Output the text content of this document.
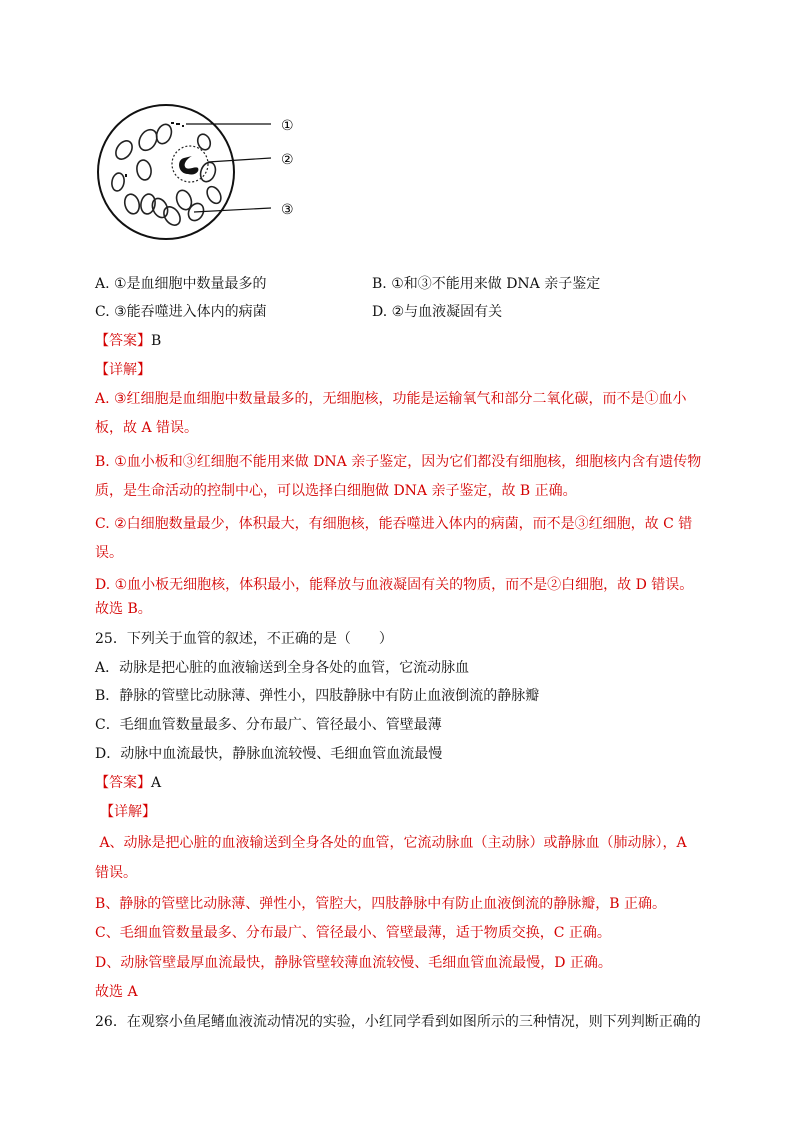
①
②
③
A. ①是血细胞中数量最多的	B. ①和③不能用来做 DNA 亲子鉴定
C. ③能吞噬进入体内的病菌	D. ②与血液凝固有关
【答案】B
【详解】
A. ③红细胞是血细胞中数量最多的，无细胞核，功能是运输氧气和部分二氧化碳，而不是①血小
板，故 A 错误。
B. ①血小板和③红细胞不能用来做 DNA 亲子鉴定，因为它们都没有细胞核，细胞核内含有遗传物
质，是生命活动的控制中心，可以选择白细胞做 DNA 亲子鉴定，故 B 正确。
C. ②白细胞数量最少，体积最大，有细胞核，能吞噬进入体内的病菌，而不是③红细胞，故 C 错
误。
D. ①血小板无细胞核，体积最小，能释放与血液凝固有关的物质，而不是②白细胞，故 D 错误。
故选 B。
25．下列关于血管的叙述，不正确的是（　　）
A．动脉是把心脏的血液输送到全身各处的血管，它流动脉血
B．静脉的管壁比动脉薄、弹性小，四肢静脉中有防止血液倒流的静脉瓣
C．毛细血管数量最多、分布最广、管径最小、管壁最薄
D．动脉中血流最快，静脉血流较慢、毛细血管血流最慢
【答案】A
【详解】
A、动脉是把心脏的血液输送到全身各处的血管，它流动脉血（主动脉）或静脉血（肺动脉），A
错误。
B、静脉的管壁比动脉薄、弹性小，管腔大，四肢静脉中有防止血液倒流的静脉瓣，B 正确。
C、毛细血管数量最多、分布最广、管径最小、管壁最薄，适于物质交换，C 正确。
D、动脉管壁最厚血流最快，静脉管壁较薄血流较慢、毛细血管血流最慢，D 正确。
故选 A
26．在观察小鱼尾鳍血液流动情况的实验，小红同学看到如图所示的三种情况，则下列判断正确的
